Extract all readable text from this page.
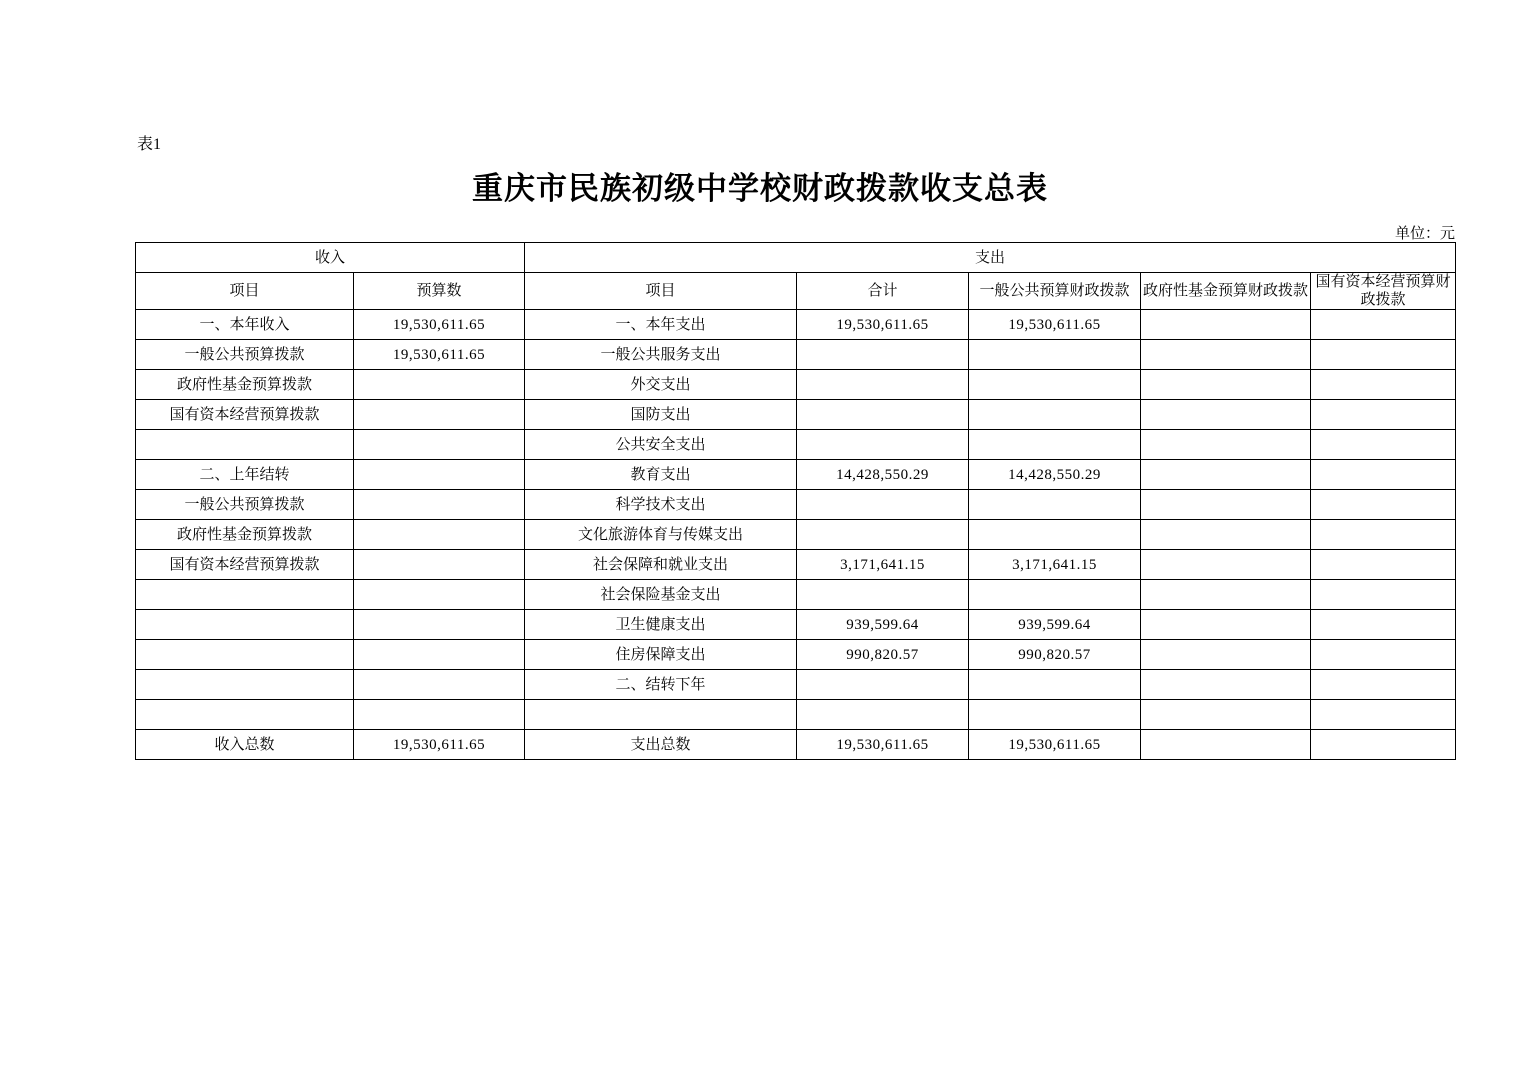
表1
重庆市民族初级中学校财政拨款收支总表
单位：元
收入		支出				
项目	预算数	项目	合计	一般公共预算财政拨款	政府性基金预算财政拨款	国有资本经营预算财政拨款
一、本年收入	19,530,611.65	一、本年支出	19,530,611.65	19,530,611.65		
一般公共预算拨款	19,530,611.65	一般公共服务支出				
政府性基金预算拨款		外交支出				
国有资本经营预算拨款		国防支出				
		公共安全支出				
二、上年结转		教育支出	14,428,550.29	14,428,550.29		
一般公共预算拨款		科学技术支出				
政府性基金预算拨款		文化旅游体育与传媒支出				
国有资本经营预算拨款		社会保障和就业支出	3,171,641.15	3,171,641.15		
		社会保险基金支出				
		卫生健康支出	939,599.64	939,599.64		
		住房保障支出	990,820.57	990,820.57		
		二、结转下年				

收入总数	19,530,611.65	支出总数	19,530,611.65	19,530,611.65		
